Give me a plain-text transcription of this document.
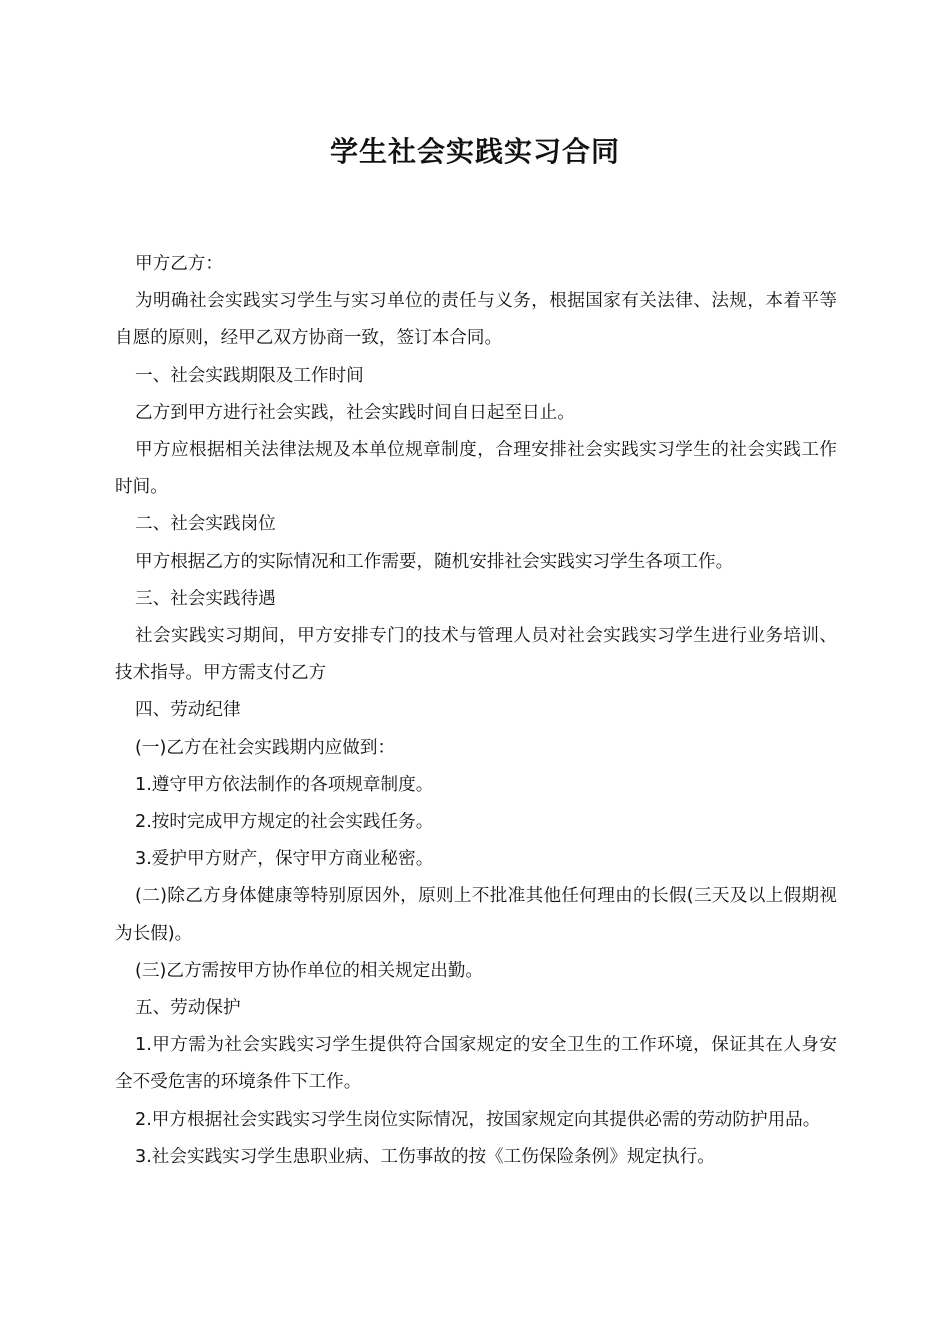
学生社会实践实习合同

甲方乙方：

为明确社会实践实习学生与实习单位的责任与义务，根据国家有关法律、法规，本着平等自愿的原则，经甲乙双方协商一致，签订本合同。

一、社会实践期限及工作时间

乙方到甲方进行社会实践，社会实践时间自日起至日止。

甲方应根据相关法律法规及本单位规章制度，合理安排社会实践实习学生的社会实践工作时间。

二、社会实践岗位

甲方根据乙方的实际情况和工作需要，随机安排社会实践实习学生各项工作。

三、社会实践待遇

社会实践实习期间，甲方安排专门的技术与管理人员对社会实践实习学生进行业务培训、技术指导。甲方需支付乙方

四、劳动纪律

(一)乙方在社会实践期内应做到：

1.遵守甲方依法制作的各项规章制度。

2.按时完成甲方规定的社会实践任务。

3.爱护甲方财产，保守甲方商业秘密。

(二)除乙方身体健康等特别原因外，原则上不批准其他任何理由的长假(三天及以上假期视为长假)。

(三)乙方需按甲方协作单位的相关规定出勤。

五、劳动保护

1.甲方需为社会实践实习学生提供符合国家规定的安全卫生的工作环境，保证其在人身安全不受危害的环境条件下工作。

2.甲方根据社会实践实习学生岗位实际情况，按国家规定向其提供必需的劳动防护用品。

3.社会实践实习学生患职业病、工伤事故的按《工伤保险条例》规定执行。
